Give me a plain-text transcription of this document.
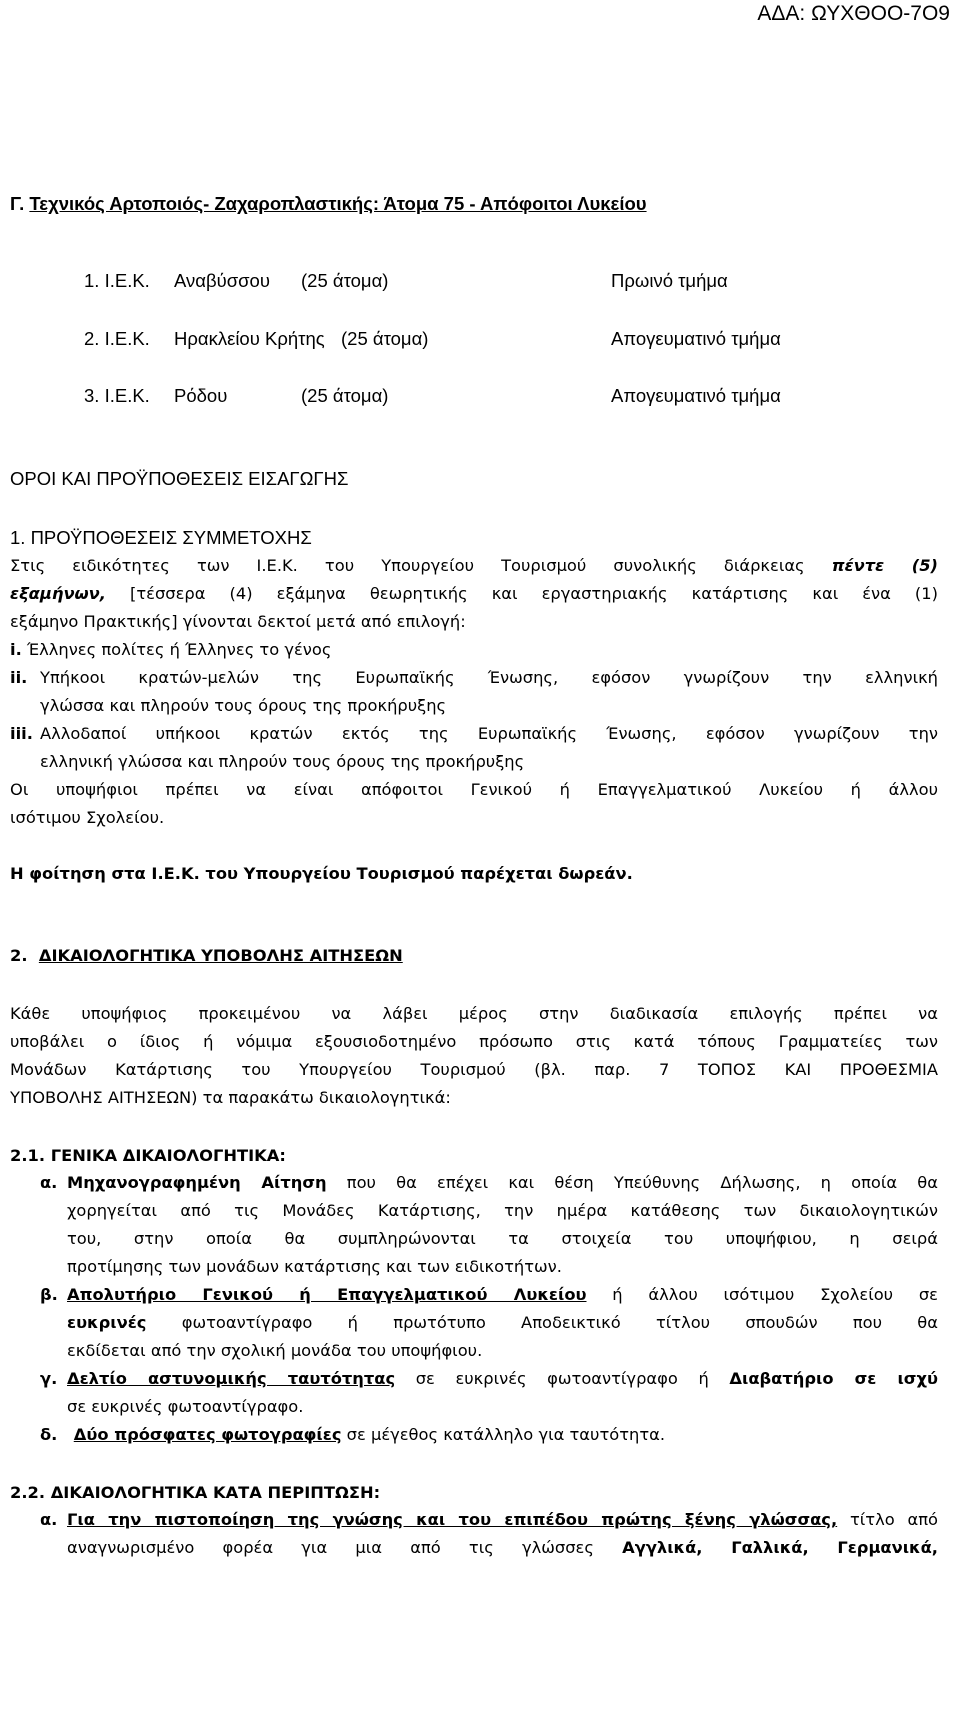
ΑΔΑ: ΩΥΧΘΟΟ-7Ο9
Γ. Τεχνικός Αρτοποιός- Ζαχαροπλαστικής: Άτομα 75 - Απόφοιτοι Λυκείου
1. Ι.Ε.Κ. Αναβύσσου (25 άτομα)	Πρωινό τμήμα
2. Ι.Ε.Κ. Ηρακλείου Κρήτης (25 άτομα)	Απογευματινό τμήμα
3. Ι.Ε.Κ. Ρόδου	(25 άτομα)	Απογευματινό τμήμα
ΟΡΟΙ ΚΑΙ ΠΡΟΫΠΟΘΕΣΕΙΣ ΕΙΣΑΓΩΓΗΣ
1. ΠΡΟΫΠΟΘΕΣΕΙΣ ΣΥΜΜΕΤΟΧΗΣ
Στις ειδικότητες των Ι.Ε.Κ. του Υπουργείου Τουρισμού συνολικής διάρκειας πέντε (5)
εξαμήνων, [τέσσερα (4) εξάμηνα θεωρητικής και εργαστηριακής κατάρτισης και ένα (1)
εξάμηνο Πρακτικής] γίνονται δεκτοί μετά από επιλογή:
i. Έλληνες πολίτες ή Έλληνες το γένος
ii. Υπήκοοι κρατών-μελών της Ευρωπαϊκής Ένωσης, εφόσον γνωρίζουν την ελληνική
γλώσσα και πληρούν τους όρους της προκήρυξης
iii. Αλλοδαποί υπήκοοι κρατών εκτός της Ευρωπαϊκής Ένωσης, εφόσον γνωρίζουν την
ελληνική γλώσσα και πληρούν τους όρους της προκήρυξης
Οι υποψήφιοι πρέπει να είναι απόφοιτοι Γενικού ή Επαγγελματικού Λυκείου ή άλλου
ισότιμου Σχολείου.
Η φοίτηση στα Ι.Ε.Κ. του Υπουργείου Τουρισμού παρέχεται δωρεάν.
2. ΔΙΚΑΙΟΛΟΓΗΤΙΚΑ ΥΠΟΒΟΛΗΣ ΑΙΤΗΣΕΩΝ
Κάθε υποψήφιος προκειμένου να λάβει μέρος στην διαδικασία επιλογής πρέπει να
υποβάλει ο ίδιος ή νόμιμα εξουσιοδοτημένο πρόσωπο στις κατά τόπους Γραμματείες των
Μονάδων Κατάρτισης του Υπουργείου Τουρισμού (βλ. παρ. 7 ΤΟΠΟΣ ΚΑΙ ΠΡΟΘΕΣΜΙΑ
ΥΠΟΒΟΛΗΣ ΑΙΤΗΣΕΩΝ) τα παρακάτω δικαιολογητικά:
2.1. ΓΕΝΙΚΑ ΔΙΚΑΙΟΛΟΓΗΤΙΚΑ:
α. Μηχανογραφημένη Αίτηση που θα επέχει και θέση Υπεύθυνης Δήλωσης, η οποία θα
χορηγείται από τις Μονάδες Κατάρτισης, την ημέρα κατάθεσης των δικαιολογητικών
του, στην οποία θα συμπληρώνονται τα στοιχεία του υποψήφιου, η σειρά
προτίμησης των μονάδων κατάρτισης και των ειδικοτήτων.
β. Απολυτήριο Γενικού ή Επαγγελματικού Λυκείου ή άλλου ισότιμου Σχολείου σε
ευκρινές φωτοαντίγραφο ή πρωτότυπο Αποδεικτικό τίτλου σπουδών που θα
εκδίδεται από την σχολική μονάδα του υποψήφιου.
γ. Δελτίο αστυνομικής ταυτότητας σε ευκρινές φωτοαντίγραφο ή Διαβατήριο σε ισχύ
σε ευκρινές φωτοαντίγραφο.
δ. Δύο πρόσφατες φωτογραφίες σε μέγεθος κατάλληλο για ταυτότητα.
2.2. ΔΙΚΑΙΟΛΟΓΗΤΙΚΑ ΚΑΤΑ ΠΕΡΙΠΤΩΣΗ:
α. Για την πιστοποίηση της γνώσης και του επιπέδου πρώτης ξένης γλώσσας, τίτλο από
αναγνωρισμένο φορέα για μια από τις γλώσσες Αγγλικά, Γαλλικά, Γερμανικά,
